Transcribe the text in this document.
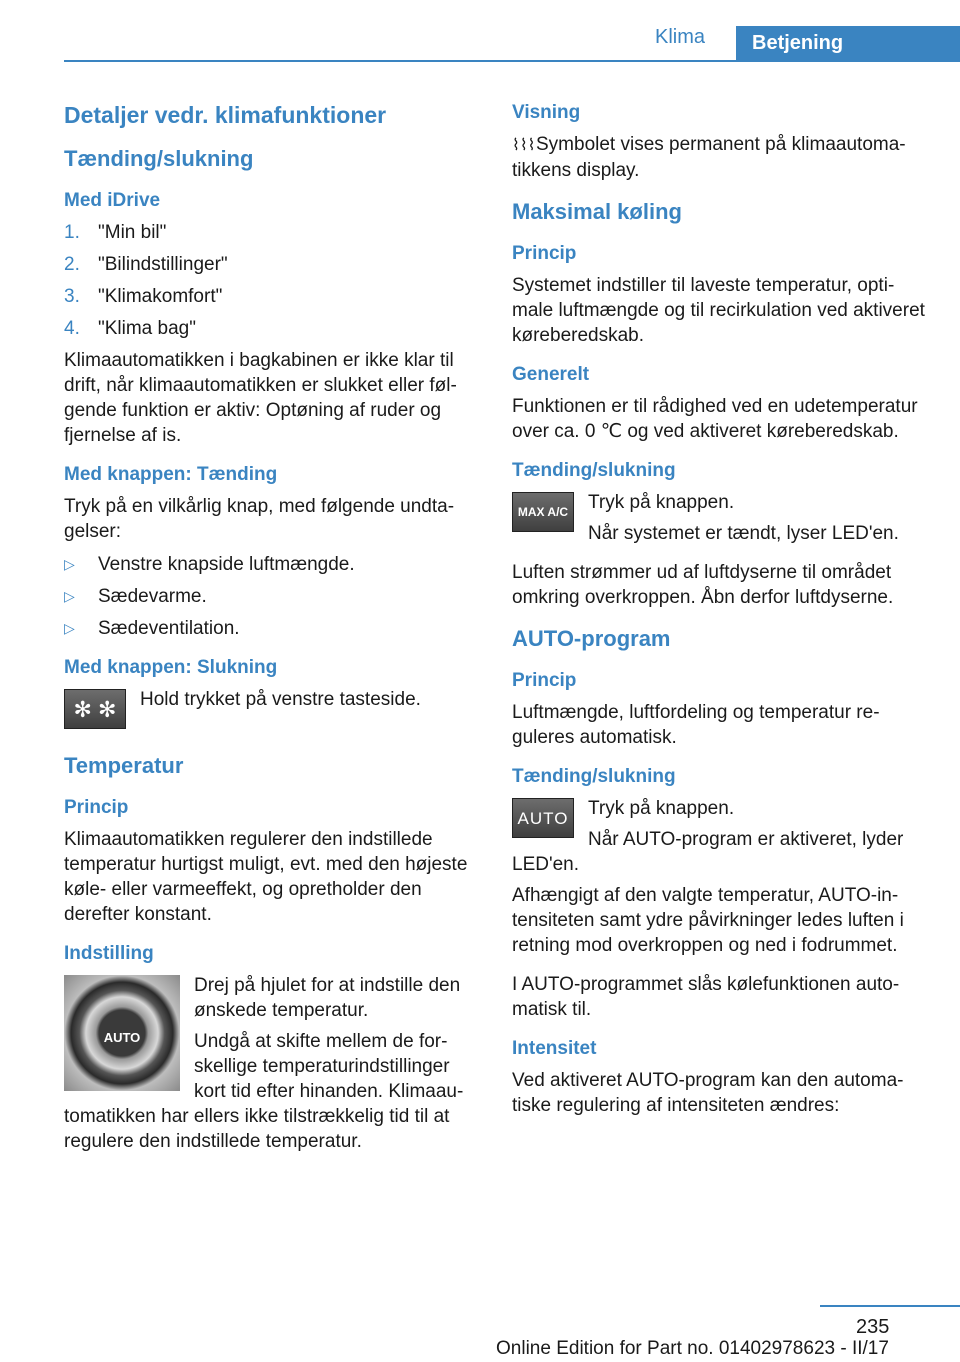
Klima	Betjening
Detaljer vedr. klimafunktioner
Tænding/slukning
Med iDrive
1. "Min bil"
2. "Bilindstillinger"
3. "Klimakomfort"
4. "Klima bag"

Klimaautomatikken i bagkabinen er ikke klar til drift, når klimaautomatikken er slukket eller følgende funktion er aktiv: Optøning af ruder og fjernelse af is.

Med knappen: Tænding

Tryk på en vilkårlig knap, med følgende undtagelser:

▷ Venstre knapside luftmængde.
▷ Sædevarme.
▷ Sædeventilation.
Med knappen: Slukning
✻ ✻	Hold trykket på venstre tasteside.
Temperatur
Princip

Klimaautomatikken regulerer den indstillede temperatur hurtigst muligt, evt. med den højeste køle- eller varmeeffekt, og opretholder den derefter konstant.

Indstilling
AUTO

Drej på hjulet for at indstille den ønskede temperatur.

Undgå at skifte mellem de forskellige temperaturindstillinger kort tid efter hinanden. Klimaautomatikken har ellers ikke tilstrækkelig tid til at regulere den indstillede temperatur.

Visning

⌇⌇⌇Symbolet vises permanent på klimaautomatikkens display.

Maksimal køling
Princip

Systemet indstiller til laveste temperatur, optimale luftmængde og til recirkulation ved aktiveret køreberedskab.

Generelt

Funktionen er til rådighed ved en udetemperatur over ca. 0 ℃ og ved aktiveret køreberedskab.

Tænding/slukning
MAX A/C	Tryk på knappen.
Når systemet er tændt, lyser LED'en.

Luften strømmer ud af luftdyserne til området omkring overkroppen. Åbn derfor luftdyserne.

AUTO-program
Princip

Luftmængde, luftfordeling og temperatur reguleres automatisk.

Tænding/slukning
AUTO	Tryk på knappen.

Når AUTO-program er aktiveret, lyder LED'en.

Afhængigt af den valgte temperatur, AUTO-intensiteten samt ydre påvirkninger ledes luften i retning mod overkroppen og ned i fodrummet.

I AUTO-programmet slås kølefunktionen automatisk til.

Intensitet

Ved aktiveret AUTO-program kan den automatiske regulering af intensiteten ændres:

235
Online Edition for Part no. 01402978623 - II/17
